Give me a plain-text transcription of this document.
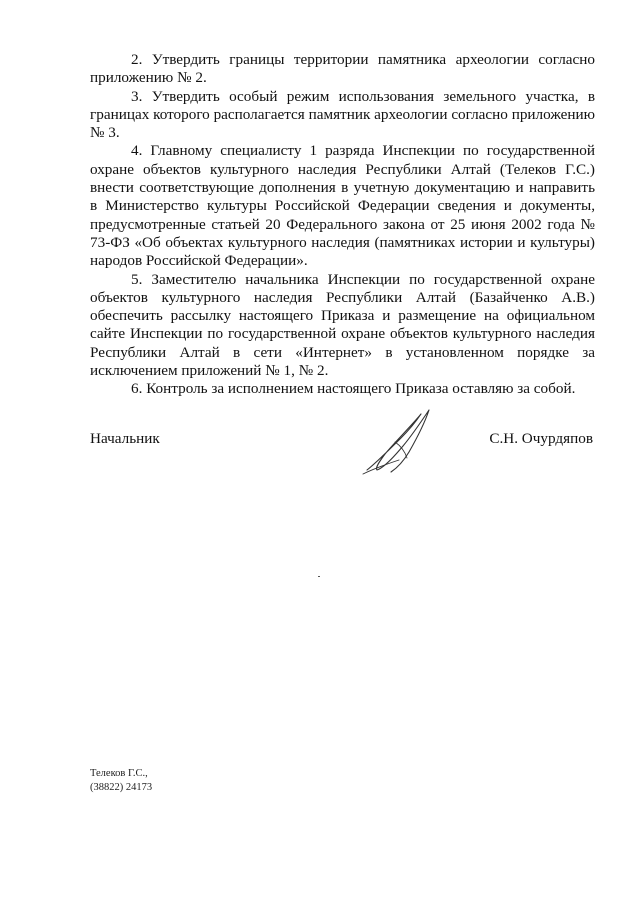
2. Утвердить границы территории памятника археологии согласно приложению № 2.

3. Утвердить особый режим использования земельного участка, в границах которого располагается памятник археологии согласно приложению № 3.

4. Главному специалисту 1 разряда Инспекции по государственной охране объектов культурного наследия Республики Алтай (Телеков Г.С.) внести соответствующие дополнения в учетную документацию и направить в Министерство культуры Российской Федерации сведения и документы, предусмотренные статьей 20 Федерального закона от 25 июня 2002 года № 73-ФЗ «Об объектах культурного наследия (памятниках истории и культуры) народов Российской Федерации».

5. Заместителю начальника Инспекции по государственной охране объектов культурного наследия Республики Алтай (Базайченко А.В.) обеспечить рассылку настоящего Приказа и размещение на официальном сайте Инспекции по государственной охране объектов культурного наследия Республики Алтай в сети «Интернет» в установленном порядке за исключением приложений № 1, № 2.

6. Контроль за исполнением настоящего Приказа оставляю за собой.

Начальник	С.Н. Очурдяпов
Телеков Г.С.,
(38822) 24173
